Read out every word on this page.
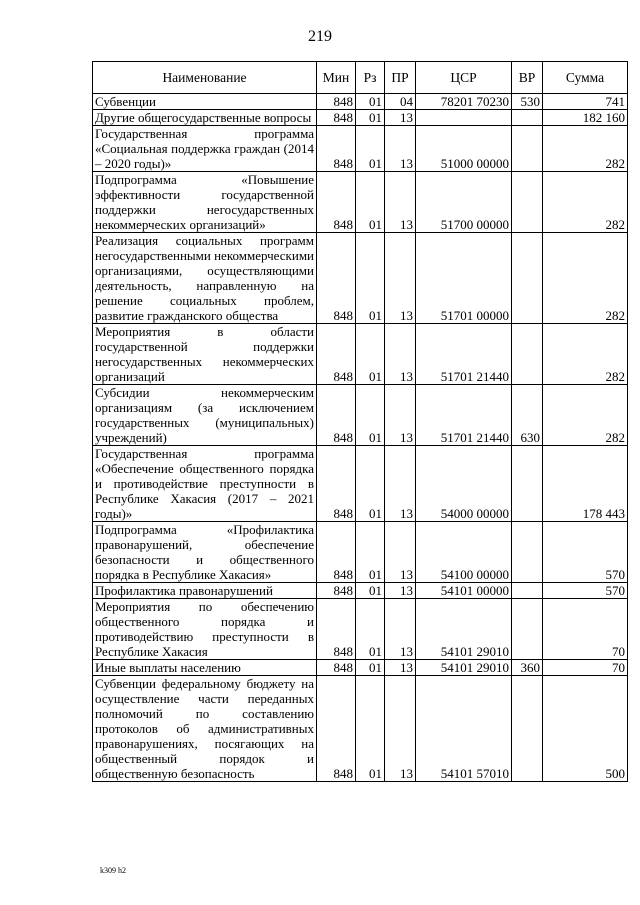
219
Наименование	Мин	Рз	ПР	ЦСР	ВР	Сумма
Субвенции	848	01	04	78201 70230	530	741
Другие общегосударственные вопросы	848	01	13			182 160
Государственная программа «Социальная поддержка граждан (2014 – 2020 годы)»	848	01	13	51000 00000		282
Подпрограмма «Повышение эффективности государственной поддержки негосударственных некоммерческих организаций»	848	01	13	51700 00000		282
Реализация социальных программ негосударственными некоммерческими организациями, осуществляющими деятельность, направленную на решение социальных проблем, развитие гражданского общества	848	01	13	51701 00000		282
Мероприятия в области государственной поддержки негосударственных некоммерческих организаций	848	01	13	51701 21440		282
Субсидии некоммерческим организациям (за исключением государственных (муниципальных) учреждений)	848	01	13	51701 21440	630	282
Государственная программа «Обеспечение общественного порядка и противодействие преступности в Республике Хакасия (2017 – 2021 годы)»	848	01	13	54000 00000		178 443
Подпрограмма «Профилактика правонарушений, обеспечение безопасности и общественного порядка в Республике Хакасия»	848	01	13	54100 00000		570
Профилактика правонарушений	848	01	13	54101 00000		570
Мероприятия по обеспечению общественного порядка и противодействию преступности в Республике Хакасия	848	01	13	54101 29010		70
Иные выплаты населению	848	01	13	54101 29010	360	70
Субвенции федеральному бюджету на осуществление части переданных полномочий по составлению протоколов об административных правонарушениях, посягающих на общественный порядок и общественную безопасность	848	01	13	54101 57010		500
k309 h2
